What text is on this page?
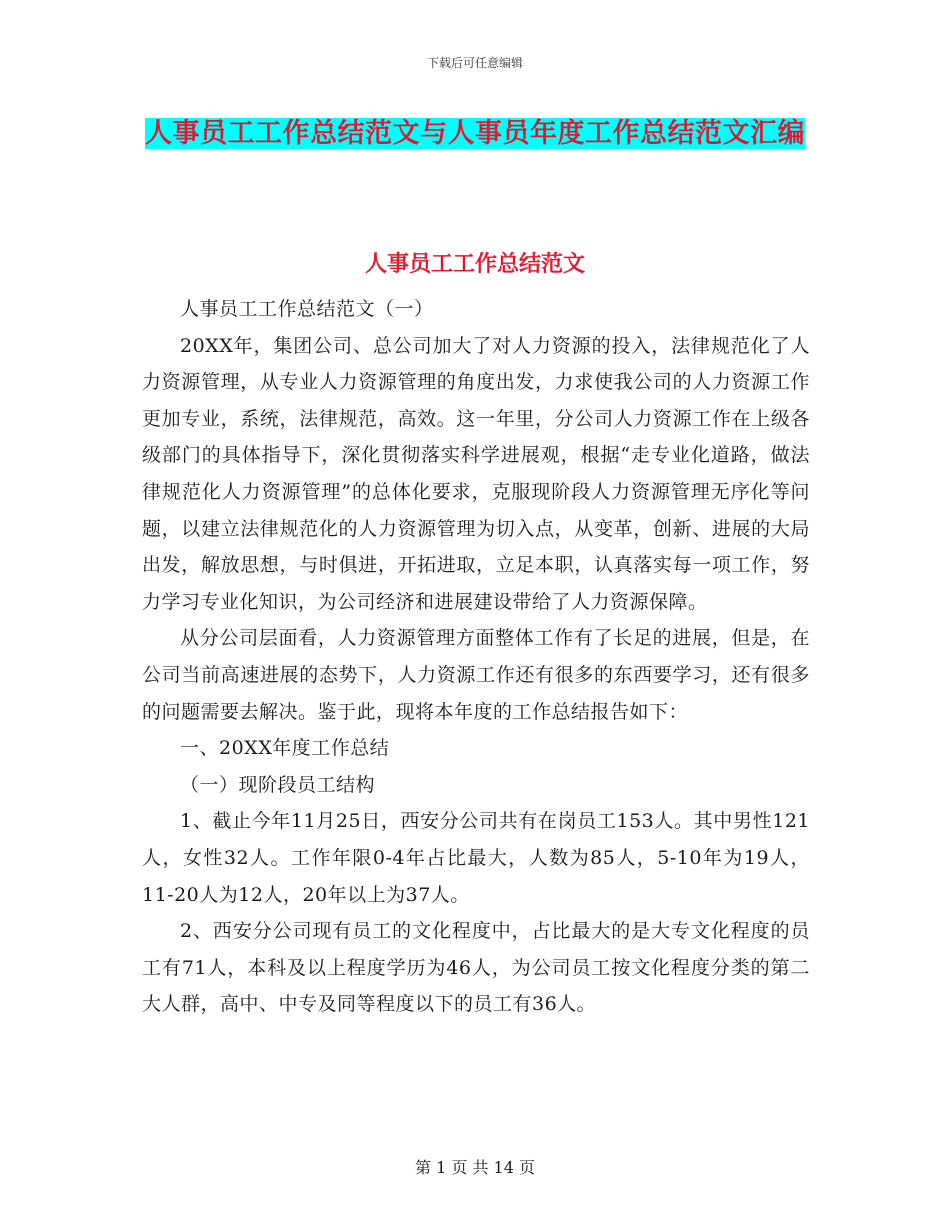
下载后可任意编辑
人事员工工作总结范文与人事员年度工作总结范文汇编
人事员工工作总结范文

人事员工工作总结范文（一）

20XX年，集团公司、总公司加大了对人力资源的投入，法律规范化了人力资源管理，从专业人力资源管理的角度出发，力求使我公司的人力资源工作更加专业，系统，法律规范，高效。这一年里，分公司人力资源工作在上级各级部门的具体指导下，深化贯彻落实科学进展观，根据“走专业化道路，做法律规范化人力资源管理”的总体化要求，克服现阶段人力资源管理无序化等问题，以建立法律规范化的人力资源管理为切入点，从变革，创新、进展的大局出发，解放思想，与时俱进，开拓进取，立足本职，认真落实每一项工作，努力学习专业化知识，为公司经济和进展建设带给了人力资源保障。

从分公司层面看，人力资源管理方面整体工作有了长足的进展，但是，在公司当前高速进展的态势下，人力资源工作还有很多的东西要学习，还有很多的问题需要去解决。鉴于此，现将本年度的工作总结报告如下：

一、20XX年度工作总结

（一）现阶段员工结构

1、截止今年11月25日，西安分公司共有在岗员工153人。其中男性121人，女性32人。工作年限0-4年占比最大，人数为85人，5-10年为19人，11-20人为12人，20年以上为37人。

2、西安分公司现有员工的文化程度中，占比最大的是大专文化程度的员工有71人，本科及以上程度学历为46人，为公司员工按文化程度分类的第二大人群，高中、中专及同等程度以下的员工有36人。

第 1 页 共 14 页
